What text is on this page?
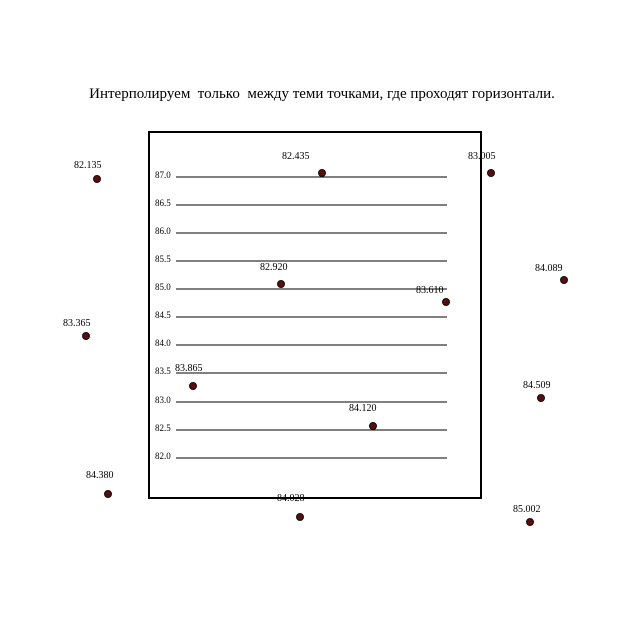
Интерполируем  только  между теми точками, где проходят горизонтали.
87.0
86.5
86.0
85.5
85.0
84.5
84.0
83.5
83.0
82.5
82.0
82.135
82.435	83.005
84.089
82.920
83.610
83.365
83.865
84.509
84.120
84.380
84.028
85.002
